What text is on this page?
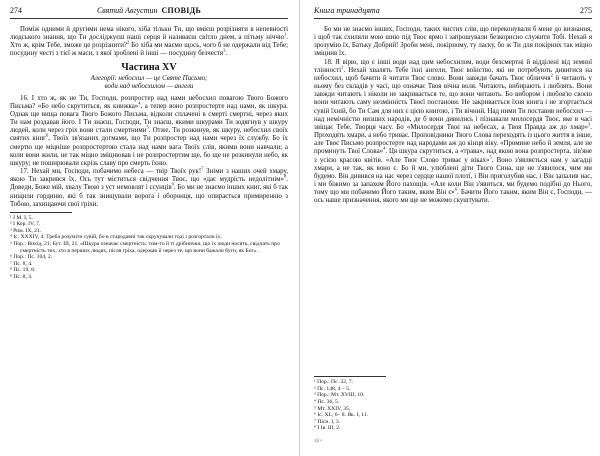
274	Святий Августин СПОВІДЬ

Поміж одними й другими нема нікого, хіба тільки Ти, що вмієш розрізняти в непевності людського знання, що Ти досліджуєш наші серця й називаєш світло днем, а пітьму ніччю$^1$. Хто ж, крім Тебе, зможе це розрізнити?$^2$ Бо хіба ми маємо щось, чого б не одержали від Тебе; посудину честі з тієї ж маси, з якої зроблені й інші — посудину безчестя$^3$.

Частина XV
Алегорії: небосхил — це Святе Письмо;
води над небосхилом — ангели

16. І хто ж, як не Ти, Господи, розпростер над нами небосхил повагою Твого Божого Письма? «Бо небо скрутиться, як книжка»$^4$, а тепер воно розпростерте над нами, як шкура. Однак ще вища повага Твого Божого Письма, відколи сплачені в смерті смертні, через яких Ти нам роздавав його. І Ти знаєш, Господи, Ти знаєш, якими шкурами Ти зодягнув у шкуру людей, коли через гріх вони стали смертними$^5$. Отже, Ти розкинув, як шкуру, небосхил своїх святих книг$^6$, Твоїх зв'язаних догмами, що Ти розпростер над нами через їх службу. Бо їх смертю ще міцніше розпростертою стала над нами вага Твоїх слів, якими вони навчали; а коли вони жили, не так міцно зміцнював і не розпростертим ще, бо ще не розкинули небо, як шкуру; не поширювали скрізь славу про смерть їхню.

17. Нехай ми, Господи, побачимо небеса — твір Твоїх рук!$^7$ Зніми з наших очей хмару, якою Ти закрився їх. Ось тут міститься свідчення Твоє, що «дає мудрість недолітнім»$^8$. Доведи, Боже мій, хвалу Твою з уст немовлят і ссунців$^9$. Бо ми не знаємо інших книг, які б так нищили гординю, які б так знищували ворога і оборонця, що опирається примиренню з Тобою, захищаючи свої гріхи.

¹ І М. І, 5.
² І Кор. IV, 7.
³ Рим. IX, 21.
⁴ Іс. XXXIV, 4. Треба розуміти сувій, бо в стародавні так скручували тоді і розгортали їх.
⁵ Пор.: Вихід, 21; Бут. III, 21. «Шкура означає смертність: тим-то й ті дрібнички, що їх люди носять, свідчать про смертність тих, хто в перших людях, після гріха, одержав її через те, що вони бажали бути, як Бог».
⁶ Пор.: Пс. 104, 2.
⁷ Пс. 8, 4.
⁸ Пс. 19, 8.
⁹ Пс. 8, 3.
Книга тринадцята	275

Бо ми не знаємо інших, Господи, таких чистих слів, що переконували б мене до визнання, і щоб так схиляли мою шию під Твоє ярмо і запрошували безкорисно служити Тобі. Нехай я зрозумію їх, Батьку Добрий! Зроби мені, покірному, ту ласку, бо ж Ти для покірних так міцно зміцнив їх.

18. Я вірю, що є інші води над цим небосхилом, води безсмертні й відділені від земної тлінності$^1$. Нехай хвалять Тебе їхні ангели, Твоє воїнство, які не потребують дивитися на небосхил, щоб бачити й читати Твоє слово. Вони завжди бачать Твоє обличчя$^2$ й читають у ньому без складів у часі, що означає Твоя вічна воля. Читають, вибирають і люблять. Вони завжди читають і ніколи не закривається те, що вони читають. Бо вибором і любов'ю своєю вони читають саму незмінність Твоєї постанови. Не закривається їхня книга і не згортається сувій їхній, бо Ти Сам для них є цією книгою, і Ти вічний. Над ними Ти поставив небосхил — над немічністю низших народів, де б вони дивились і пізнавали милосердя Твоє, яке в часі звіщає Тебе, Творця часу. Бо «Милосердя Твоє на небесах, а Твоя Правда аж до хмар»$^3$. Проходять хмари, а небо триває. Проповідники Твого Слова переходять із цього життя в інше, але Твоє Письмо розпростерте над народами аж до кінця віку. «Промине небо й земля, але не проминуть Твої Слова»$^4$. Ця шкура скрутиться, а «трава», над якою вона розпростерта, зів'яне з усією красою квітів. «Але Твоє Слово триває у віках»$^5$. Воно з'являється нам у загадці хмари, а не так, як воно є. Бо й ми, улюблені діти Твого Сина, ще не з'явилося, чим ми будемо. Він дивився на нас через сердце нашої плоті, і Він приголубив нас, і Він запалив нас, і ми біжимо за запахом Його пахощів. «Але коли Він з'явиться, ми будемо подібні до Нього, тому що ми побачимо Його таким, яким Він є»$^6$. Бачити Його таким, яким Він є, Господи, — ось наше призначення, якого ми ще не можемо скуштувати.

¹ Пор.: Пс. 32, 7.
² Пс. 148, 4 – 5.
³ Пор.: Мт. XVIII, 10.
⁴ Пс. 36, 5.
⁵ Мт. XXIV, 35.
⁶ Іс. XL, 6– 8. Як. I, 11.
⁷ Пісн. I, 3.
⁸ І Ів. III, 2.
18 •
